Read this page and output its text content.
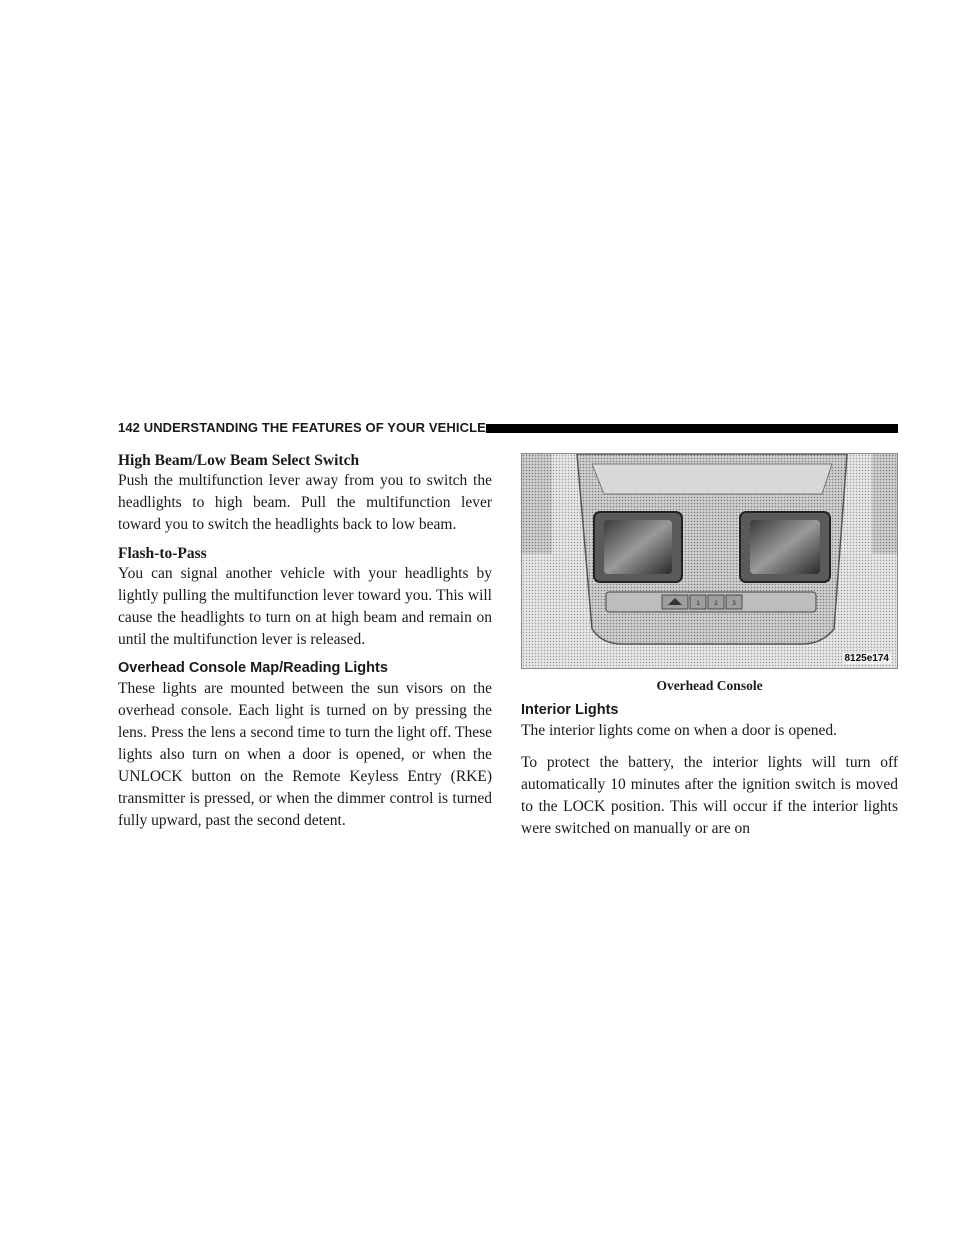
142 UNDERSTANDING THE FEATURES OF YOUR VEHICLE
High Beam/Low Beam Select Switch

Push the multifunction lever away from you to switch the headlights to high beam. Pull the multifunction lever toward you to switch the headlights back to low beam.

Flash-to-Pass

You can signal another vehicle with your headlights by lightly pulling the multifunction lever toward you. This will cause the headlights to turn on at high beam and remain on until the multifunction lever is released.

Overhead Console Map/Reading Lights

These lights are mounted between the sun visors on the overhead console. Each light is turned on by pressing the lens. Press the lens a second time to turn the light off. These lights also turn on when a door is opened, or when the UNLOCK button on the Remote Keyless Entry (RKE) transmitter is pressed, or when the dimmer control is turned fully upward, past the second detent.

1 2 3
8125e174
Overhead Console
Interior Lights

The interior lights come on when a door is opened.

To protect the battery, the interior lights will turn off automatically 10 minutes after the ignition switch is moved to the LOCK position. This will occur if the interior lights were switched on manually or are on
